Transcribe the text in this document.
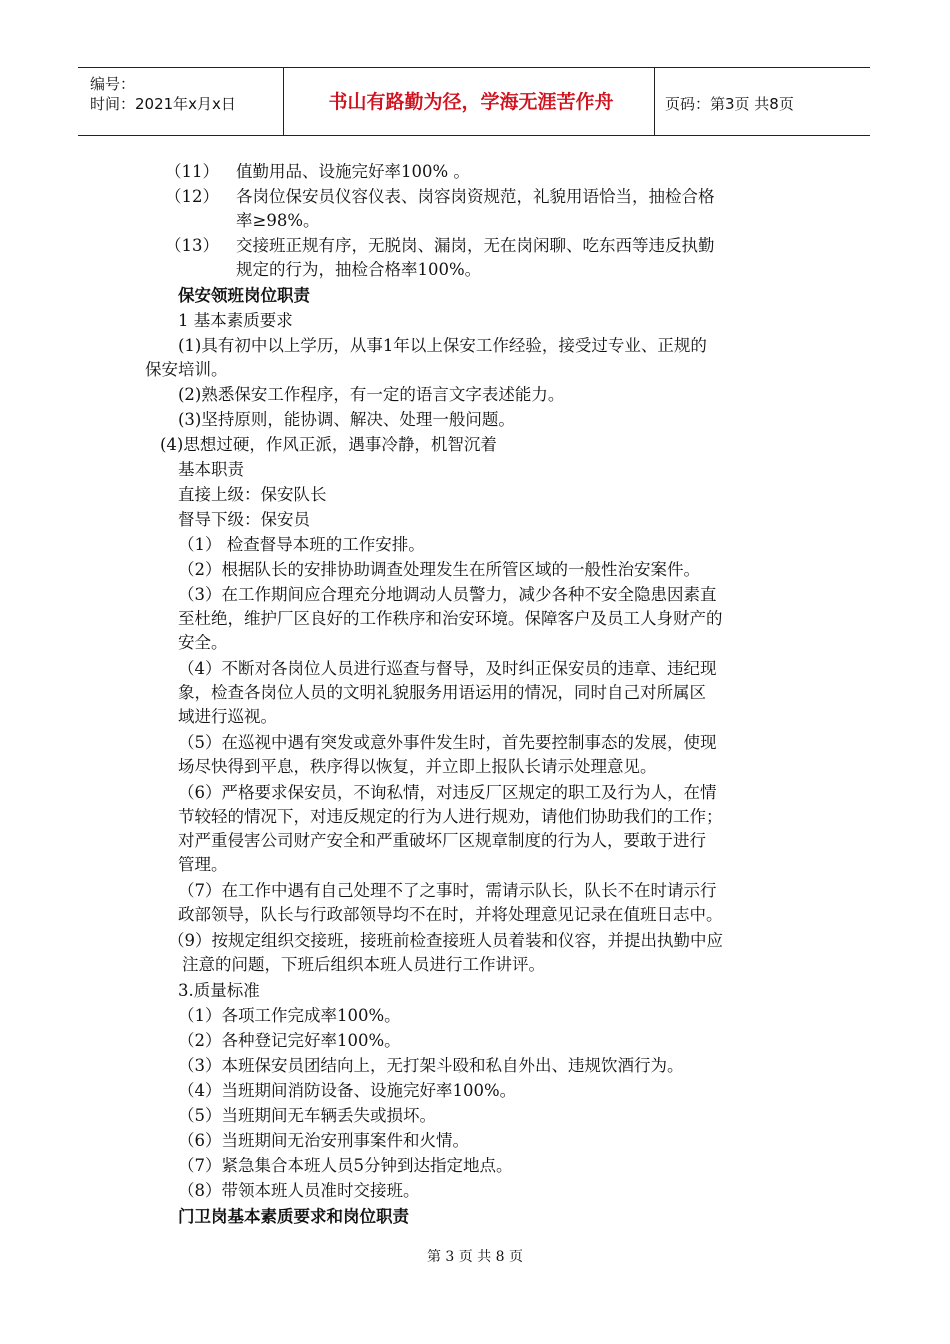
编号：
时间：2021年x月x日	书山有路勤为径，学海无涯苦作舟	页码：第3页 共8页
（11） 值勤用品、设施完好率100% 。
（12） 各岗位保安员仪容仪表、岗容岗资规范，礼貌用语恰当，抽检合格
率≥98%。
（13） 交接班正规有序，无脱岗、漏岗，无在岗闲聊、吃东西等违反执勤
规定的行为，抽检合格率100%。
保安领班岗位职责
1 基本素质要求
(1)具有初中以上学历，从事1年以上保安工作经验，接受过专业、正规的
保安培训。
(2)熟悉保安工作程序，有一定的语言文字表述能力。
(3)坚持原则，能协调、解决、处理一般问题。
(4)思想过硬，作风正派，遇事冷静，机智沉着
基本职责
直接上级：保安队长
督导下级：保安员
（1） 检查督导本班的工作安排。
（2）根据队长的安排协助调查处理发生在所管区域的一般性治安案件。
（3）在工作期间应合理充分地调动人员警力，减少各种不安全隐患因素直
至杜绝，维护厂区良好的工作秩序和治安环境。保障客户及员工人身财产的
安全。
（4）不断对各岗位人员进行巡查与督导，及时纠正保安员的违章、违纪现
象，检查各岗位人员的文明礼貌服务用语运用的情况，同时自己对所属区
域进行巡视。
（5）在巡视中遇有突发或意外事件发生时，首先要控制事态的发展，使现
场尽快得到平息，秩序得以恢复，并立即上报队长请示处理意见。
（6）严格要求保安员，不询私情，对违反厂区规定的职工及行为人，在情
节较轻的情况下，对违反规定的行为人进行规劝，请他们协助我们的工作；
对严重侵害公司财产安全和严重破坏厂区规章制度的行为人，要敢于进行
管理。
（7）在工作中遇有自己处理不了之事时，需请示队长，队长不在时请示行
政部领导，队长与行政部领导均不在时，并将处理意见记录在值班日志中。
（9）按规定组织交接班，接班前检查接班人员着装和仪容，并提出执勤中应
注意的问题，下班后组织本班人员进行工作讲评。
3.质量标准
（1）各项工作完成率100%。
（2）各种登记完好率100%。
（3）本班保安员团结向上，无打架斗殴和私自外出、违规饮酒行为。
（4）当班期间消防设备、设施完好率100%。
（5）当班期间无车辆丢失或损坏。
（6）当班期间无治安刑事案件和火情。
（7）紧急集合本班人员5分钟到达指定地点。
（8）带领本班人员准时交接班。
门卫岗基本素质要求和岗位职责
第 3 页 共 8 页
